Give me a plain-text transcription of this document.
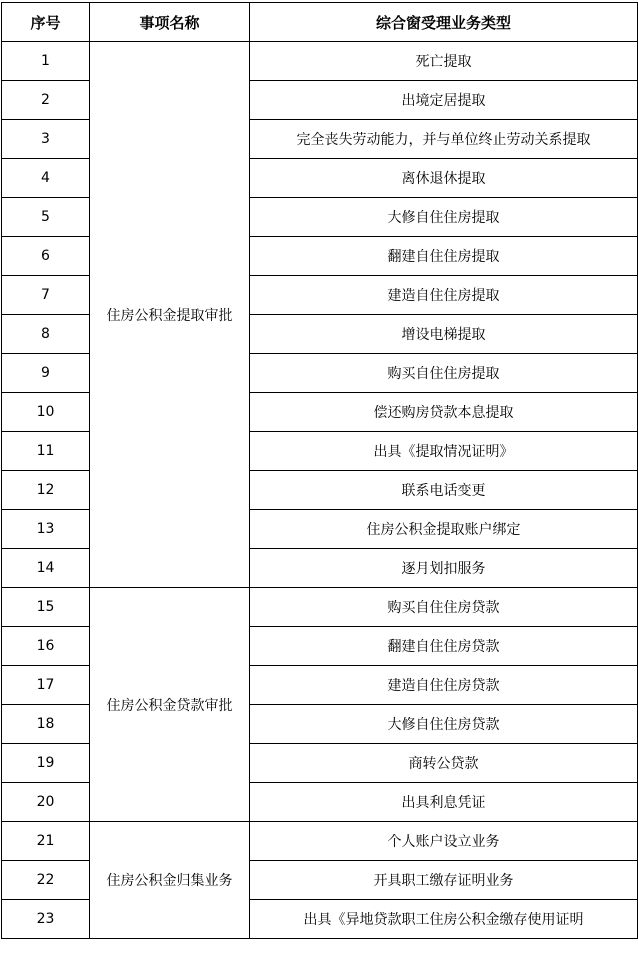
序号	事项名称	综合窗受理业务类型
1	住房公积金提取审批	死亡提取
2		出境定居提取
3		完全丧失劳动能力，并与单位终止劳动关系提取
4		离休退休提取
5		大修自住住房提取
6		翻建自住住房提取
7		建造自住住房提取
8		增设电梯提取
9		购买自住住房提取
10		偿还购房贷款本息提取
11		出具《提取情况证明》
12		联系电话变更
13		住房公积金提取账户绑定
14		逐月划扣服务
15	住房公积金贷款审批	购买自住住房贷款
16		翻建自住住房贷款
17		建造自住住房贷款
18		大修自住住房贷款
19		商转公贷款
20		出具利息凭证
21	住房公积金归集业务	个人账户设立业务
22		开具职工缴存证明业务
23		出具《异地贷款职工住房公积金缴存使用证明
